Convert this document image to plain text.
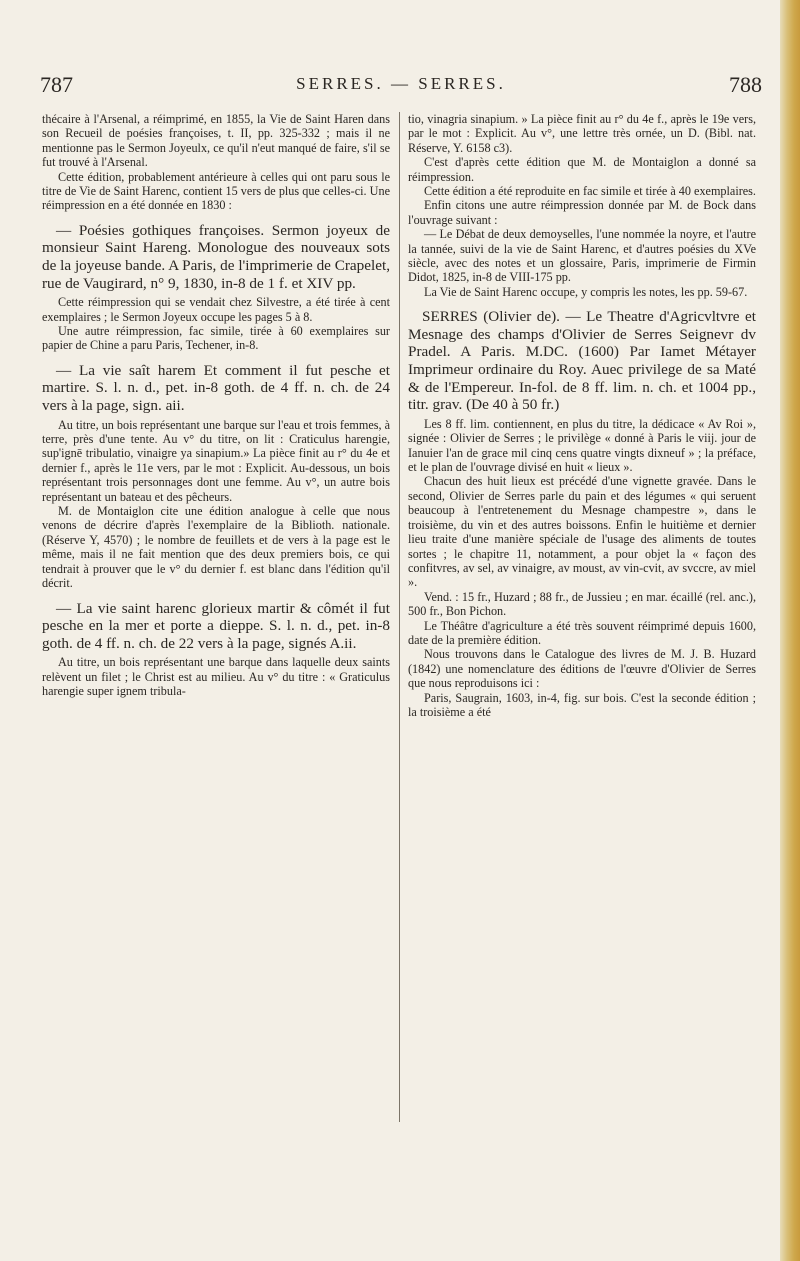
787	SERRES. — SERRES.	788

thécaire à l'Arsenal, a réimprimé, en 1855, la Vie de Saint Haren dans son Recueil de poésies françoises, t. II, pp. 325-332 ; mais il ne mentionne pas le Sermon Joyeulx, ce qu'il n'eut manqué de faire, s'il se fut trouvé à l'Arsenal.

Cette édition, probablement antérieure à celles qui ont paru sous le titre de Vie de Saint Harenc, contient 15 vers de plus que celles-ci. Une réimpression en a été donnée en 1830 :

— Poésies gothiques françoises. Sermon joyeux de monsieur Saint Hareng. Monologue des nouveaux sots de la joyeuse bande. A Paris, de l'imprimerie de Crapelet, rue de Vaugirard, n° 9, 1830, in-8 de 1 f. et XIV pp.

Cette réimpression qui se vendait chez Silvestre, a été tirée à cent exemplaires ; le Sermon Joyeux occupe les pages 5 à 8.

Une autre réimpression, fac simile, tirée à 60 exemplaires sur papier de Chine a paru Paris, Techener, in-8.

— La vie saît harem Et comment il fut pesche et martire. S. l. n. d., pet. in-8 goth. de 4 ff. n. ch. de 24 vers à la page, sign. aii.

Au titre, un bois représentant une barque sur l'eau et trois femmes, à terre, près d'une tente. Au v° du titre, on lit : Craticulus harengie, sup'ignē tribulatio, vinaigre ya sinapium.» La pièce finit au r° du 4e et dernier f., après le 11e vers, par le mot : Explicit. Au-dessous, un bois représentant trois personnages dont une femme. Au v°, un autre bois représentant un bateau et des pêcheurs.

M. de Montaiglon cite une édition analogue à celle que nous venons de décrire d'après l'exemplaire de la Biblioth. nationale. (Réserve Y, 4570) ; le nombre de feuillets et de vers à la page est le même, mais il ne fait mention que des deux premiers bois, ce qui tendrait à prouver que le v° du dernier f. est blanc dans l'édition qu'il décrit.

— La vie saint harenc glorieux martir & cômét il fut pesche en la mer et porte a dieppe. S. l. n. d., pet. in-8 goth. de 4 ff. n. ch. de 22 vers à la page, signés A.ii.

Au titre, un bois représentant une barque dans laquelle deux saints relèvent un filet ; le Christ est au milieu. Au v° du titre : « Graticulus harengie super ignem tribula-

tio, vinagria sinapium. » La pièce finit au r° du 4e f., après le 19e vers, par le mot : Explicit. Au v°, une lettre très ornée, un D. (Bibl. nat. Réserve, Y. 6158 c3).

C'est d'après cette édition que M. de Montaiglon a donné sa réimpression.

Cette édition a été reproduite en fac simile et tirée à 40 exemplaires.

Enfin citons une autre réimpression donnée par M. de Bock dans l'ouvrage suivant :

— Le Débat de deux demoyselles, l'une nommée la noyre, et l'autre la tannée, suivi de la vie de Saint Harenc, et d'autres poésies du XVe siècle, avec des notes et un glossaire, Paris, imprimerie de Firmin Didot, 1825, in-8 de VIII-175 pp.

La Vie de Saint Harenc occupe, y compris les notes, les pp. 59-67.

SERRES (Olivier de). — Le Theatre d'Agricvltvre et Mesnage des champs d'Olivier de Serres Seignevr dv Pradel. A Paris. M.DC. (1600) Par Iamet Métayer Imprimeur ordinaire du Roy. Auec privilege de sa Maté & de l'Empereur. In-fol. de 8 ff. lim. n. ch. et 1004 pp., titr. grav. (De 40 à 50 fr.)

Les 8 ff. lim. contiennent, en plus du titre, la dédicace « Av Roi », signée : Olivier de Serres ; le privilège « donné à Paris le viij. jour de Ianuier l'an de grace mil cinq cens quatre vingts dixneuf » ; la préface, et le plan de l'ouvrage divisé en huit « lieux ».

Chacun des huit lieux est précédé d'une vignette gravée. Dans le second, Olivier de Serres parle du pain et des légumes « qui seruent beaucoup à l'entretenement du Mesnage champestre », dans le troisième, du vin et des autres boissons. Enfin le huitième et dernier lieu traite d'une manière spéciale de l'usage des aliments de toutes sortes ; le chapitre 11, notamment, a pour objet la « façon des confitvres, av sel, av vinaigre, av moust, av vin-cvit, av svccre, av miel ».

Vend. : 15 fr., Huzard ; 88 fr., de Jussieu ; en mar. écaillé (rel. anc.), 500 fr., Bon Pichon.

Le Théâtre d'agriculture a été très souvent réimprimé depuis 1600, date de la première édition.

Nous trouvons dans le Catalogue des livres de M. J. B. Huzard (1842) une nomenclature des éditions de l'œuvre d'Olivier de Serres que nous reproduisons ici :

Paris, Saugrain, 1603, in-4, fig. sur bois. C'est la seconde édition ; la troisième a été
